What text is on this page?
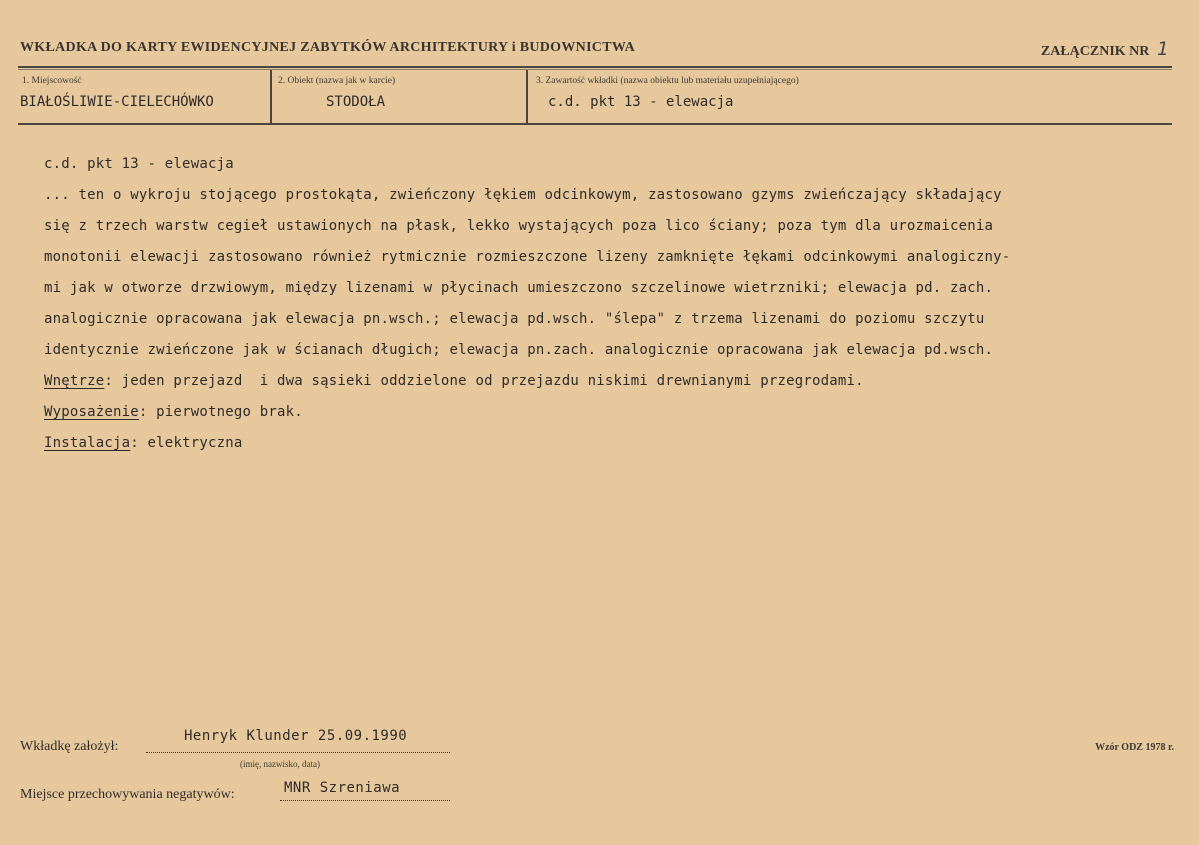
WKŁADKA DO KARTY EWIDENCYJNEJ ZABYTKÓW ARCHITEKTURY i BUDOWNICTWA	ZAŁĄCZNIK NR 1
1. Miejscowość
BIAŁOŚLIWIE-CIELECHÓWKO
2. Obiekt (nazwa jak w karcie)
STODOŁA
3. Zawartość wkładki (nazwa obiektu lub materiału uzupełniającego)
c.d. pkt 13 - elewacja
c.d. pkt 13 - elewacja
... ten o wykroju stojącego prostokąta, zwieńczony łękiem odcinkowym, zastosowano gzyms zwieńczający składający
się z trzech warstw cegieł ustawionych na płask, lekko wystających poza lico ściany; poza tym dla urozmaicenia
monotonii elewacji zastosowano również rytmicznie rozmieszczone lizeny zamknięte łękami odcinkowymi analogiczny-
mi jak w otworze drzwiowym, między lizenami w płycinach umieszczono szczelinowe wietrzniki; elewacja pd. zach.
analogicznie opracowana jak elewacja pn.wsch.; elewacja pd.wsch. "ślepa" z trzema lizenami do poziomu szczytu
identycznie zwieńczone jak w ścianach długich; elewacja pn.zach. analogicznie opracowana jak elewacja pd.wsch.
Wnętrze: jeden przejazd  i dwa sąsieki oddzielone od przejazdu niskimi drewnianymi przegrodami.
Wyposażenie: pierwotnego brak.
Instalacja: elektryczna
Wkładkę założył:
Henryk Klunder 25.09.1990
(imię, nazwisko, data)
Miejsce przechowywania negatywów:	MNR Szreniawa
Wzór ODZ 1978 r.
